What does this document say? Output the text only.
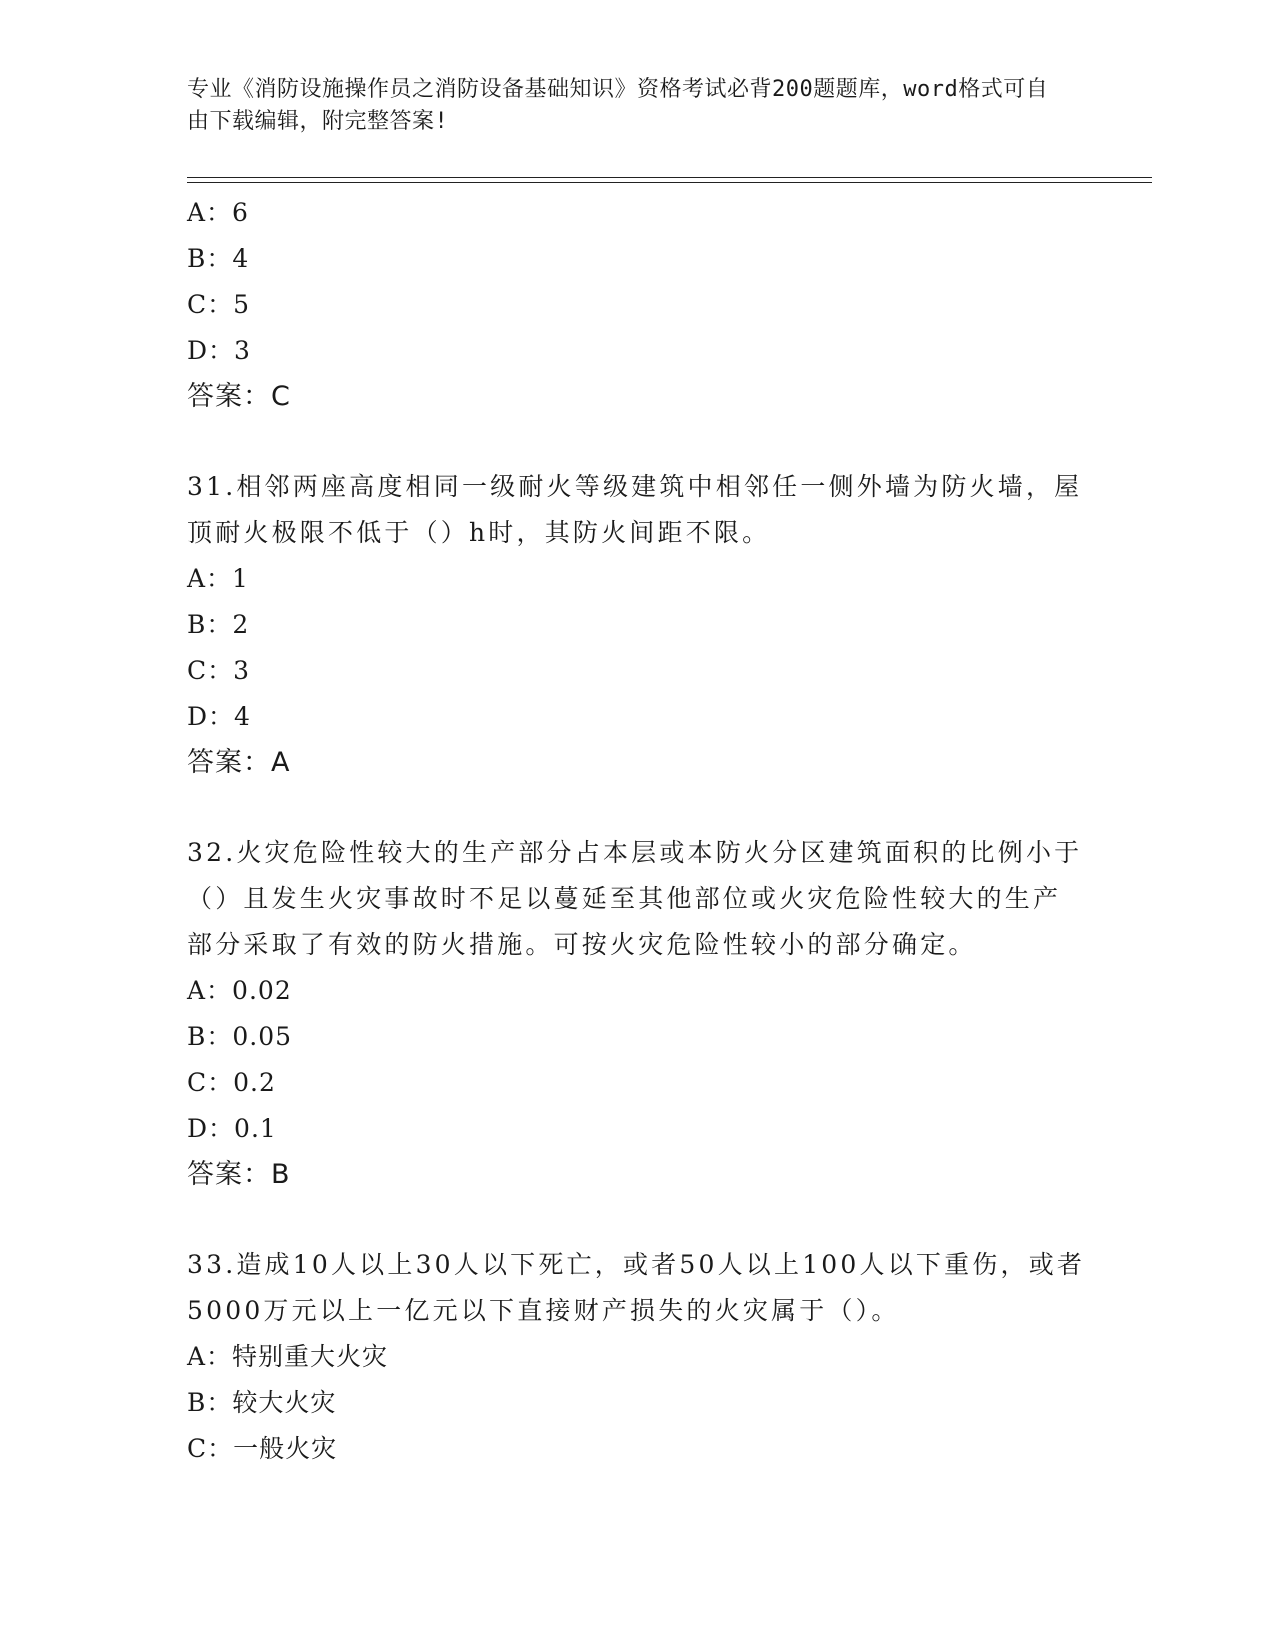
专业《消防设施操作员之消防设备基础知识》资格考试必背200题题库，word格式可自由下载编辑，附完整答案!
A：6
B：4
C：5
D：3
答案：C
31.相邻两座高度相同一级耐火等级建筑中相邻任一侧外墙为防火墙，屋顶耐火极限不低于（）h时，其防火间距不限。
A：1
B：2
C：3
D：4
答案：A
32.火灾危险性较大的生产部分占本层或本防火分区建筑面积的比例小于（）且发生火灾事故时不足以蔓延至其他部位或火灾危险性较大的生产部分采取了有效的防火措施。可按火灾危险性较小的部分确定。
A：0.02
B：0.05
C：0.2
D：0.1
答案：B
33.造成10人以上30人以下死亡，或者50人以上100人以下重伤，或者5000万元以上一亿元以下直接财产损失的火灾属于（）。
A：特别重大火灾
B：较大火灾
C：一般火灾
